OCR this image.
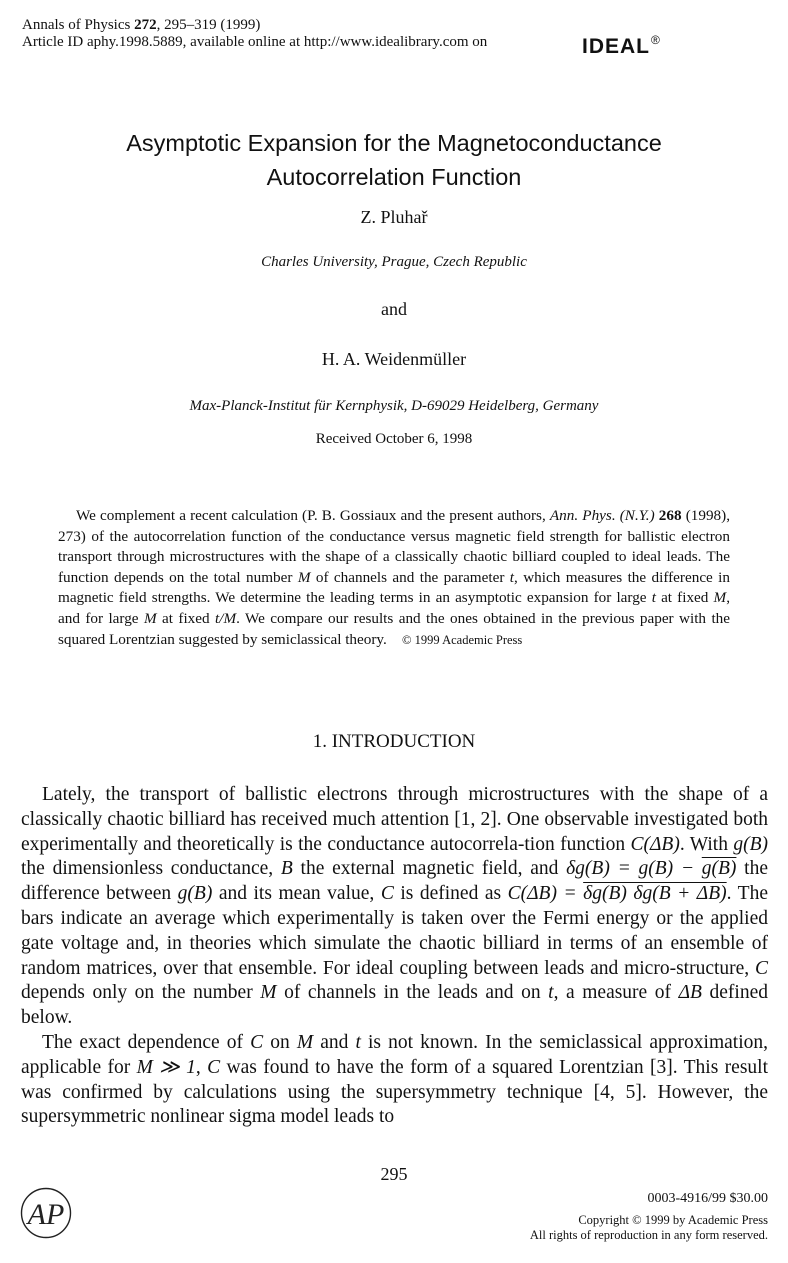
Annals of Physics 272, 295–319 (1999)
Article ID aphy.1998.5889, available online at http://www.idealibrary.com on	IDEAL®
Asymptotic Expansion for the Magnetoconductance
Autocorrelation Function
Z. Pluhař
Charles University, Prague, Czech Republic
and
H. A. Weidenmüller
Max-Planck-Institut für Kernphysik, D-69029 Heidelberg, Germany
Received October 6, 1998
We complement a recent calculation (P. B. Gossiaux and the present authors, Ann. Phys. (N.Y.) 268 (1998), 273) of the autocorrelation function of the conductance versus magnetic field strength for ballistic electron transport through microstructures with the shape of a classically chaotic billiard coupled to ideal leads. The function depends on the total number M of channels and the parameter t, which measures the difference in magnetic field strengths. We determine the leading terms in an asymptotic expansion for large t at fixed M, and for large M at fixed t/M. We compare our results and the ones obtained in the previous paper with the squared Lorentzian suggested by semiclassical theory. © 1999 Academic Press
1. INTRODUCTION

Lately, the transport of ballistic electrons through microstructures with the shape of a classically chaotic billiard has received much attention [1, 2]. One observable investigated both experimentally and theoretically is the conductance autocorrela-tion function C(ΔB). With g(B) the dimensionless conductance, B the external magnetic field, and δg(B) = g(B) − g(B) the difference between g(B) and its mean value, C is defined as C(ΔB) = δg(B) δg(B + ΔB). The bars indicate an average which experimentally is taken over the Fermi energy or the applied gate voltage and, in theories which simulate the chaotic billiard in terms of an ensemble of random matrices, over that ensemble. For ideal coupling between leads and micro-structure, C depends only on the number M of channels in the leads and on t, a measure of ΔB defined below.

The exact dependence of C on M and t is not known. In the semiclassical approximation, applicable for M ≫ 1, C was found to have the form of a squared Lorentzian [3]. This result was confirmed by calculations using the supersymmetry technique [4, 5]. However, the supersymmetric nonlinear sigma model leads to

295
AP	0003-4916/99 $30.00
Copyright © 1999 by Academic Press
All rights of reproduction in any form reserved.
